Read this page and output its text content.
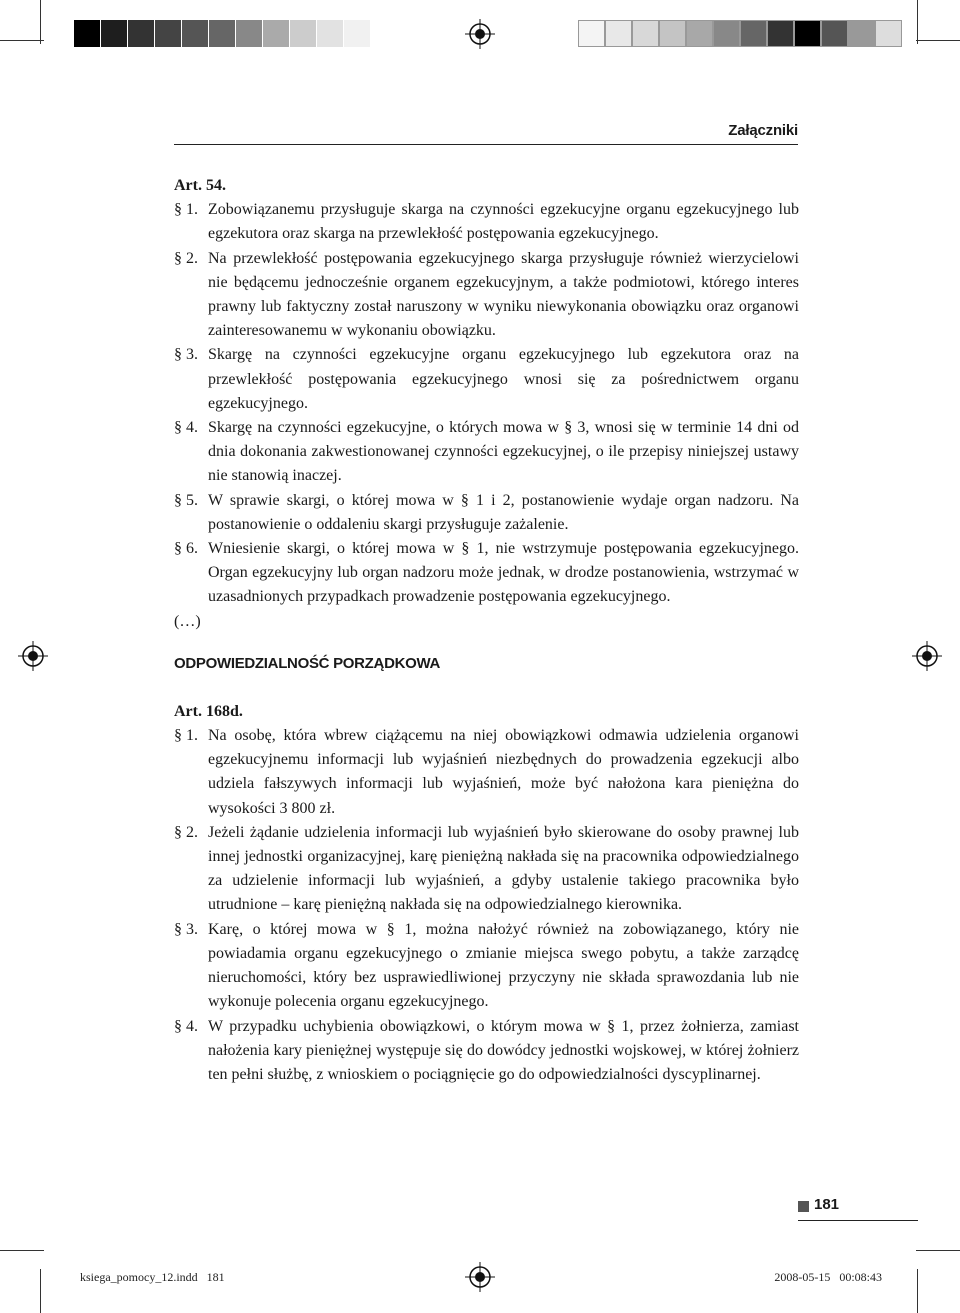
Załączniki

Art. 54.

§ 1. Zobowiązanemu przysługuje skarga na czynności egzekucyjne organu egzekucyjnego lub egzekutora oraz skarga na przewlekłość postępowania egzekucyjnego.
§ 2. Na przewlekłość postępowania egzekucyjnego skarga przysługuje również wierzycielowi nie będącemu jednocześnie organem egzekucyjnym, a także podmiotowi, którego interes prawny lub faktyczny został naruszony w wyniku niewykonania obowiązku oraz organowi zainteresowanemu w wykonaniu obowiązku.
§ 3. Skargę na czynności egzekucyjne organu egzekucyjnego lub egzekutora oraz na przewlekłość postępowania egzekucyjnego wnosi się za pośrednictwem organu egzekucyjnego.
§ 4. Skargę na czynności egzekucyjne, o których mowa w § 3, wnosi się w terminie 14 dni od dnia dokonania zakwestionowanej czynności egzekucyjnej, o ile przepisy niniejszej ustawy nie stanowią inaczej.
§ 5. W sprawie skargi, o której mowa w § 1 i 2, postanowienie wydaje organ nadzoru. Na postanowienie o oddaleniu skargi przysługuje zażalenie.
§ 6. Wniesienie skargi, o której mowa w § 1, nie wstrzymuje postępowania egzekucyjnego. Organ egzekucyjny lub organ nadzoru może jednak, w drodze postanowienia, wstrzymać w uzasadnionych przypadkach prowadzenie postępowania egzekucyjnego.

(…)

ODPOWIEDZIALNOŚĆ PORZĄDKOWA

Art. 168d.

§ 1. Na osobę, która wbrew ciążącemu na niej obowiązkowi odmawia udzielenia organowi egzekucyjnemu informacji lub wyjaśnień niezbędnych do prowadzenia egzekucji albo udziela fałszywych informacji lub wyjaśnień, może być nałożona kara pieniężna do wysokości 3 800 zł.
§ 2. Jeżeli żądanie udzielenia informacji lub wyjaśnień było skierowane do osoby prawnej lub innej jednostki organizacyjnej, karę pieniężną nakłada się na pracownika odpowiedzialnego za udzielenie informacji lub wyjaśnień, a gdyby ustalenie takiego pracownika było utrudnione – karę pieniężną nakłada się na odpowiedzialnego kierownika.
§ 3. Karę, o której mowa w § 1, można nałożyć również na zobowiązanego, który nie powiadamia organu egzekucyjnego o zmianie miejsca swego pobytu, a także zarządcę nieruchomości, który bez usprawiedliwionej przyczyny nie składa sprawozdania lub nie wykonuje polecenia organu egzekucyjnego.
§ 4. W przypadku uchybienia obowiązkowi, o którym mowa w § 1, przez żołnierza, zamiast nałożenia kary pieniężnej występuje się do dowódcy jednostki wojskowej, w której żołnierz ten pełni służbę, z wnioskiem o pociągnięcie go do odpowiedzialności dyscyplinarnej.
181
ksiega_pomocy_12.indd   181	2008-05-15   00:08:43
